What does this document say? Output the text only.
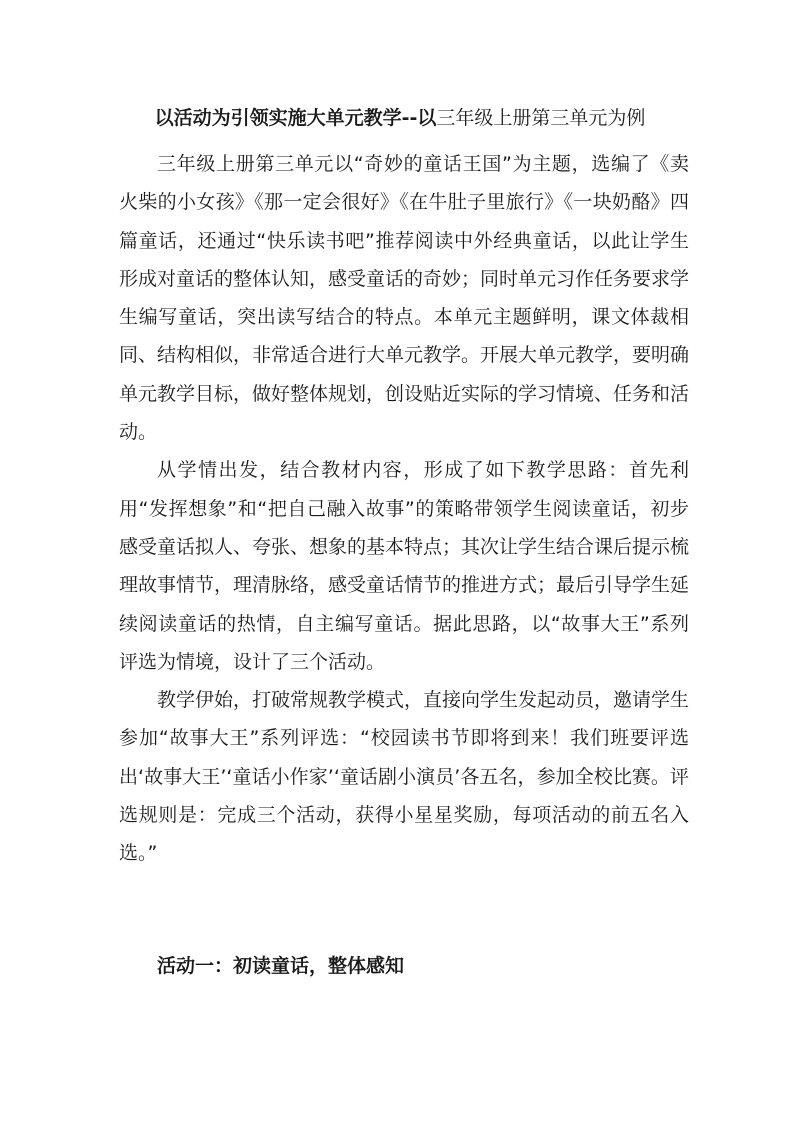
以活动为引领实施大单元教学--以三年级上册第三单元为例

三年级上册第三单元以“奇妙的童话王国”为主题，选编了《卖火柴的小女孩》《那一定会很好》《在牛肚子里旅行》《一块奶酪》四篇童话，还通过“快乐读书吧”推荐阅读中外经典童话，以此让学生形成对童话的整体认知，感受童话的奇妙；同时单元习作任务要求学生编写童话，突出读写结合的特点。本单元主题鲜明，课文体裁相同、结构相似，非常适合进行大单元教学。开展大单元教学，要明确单元教学目标，做好整体规划，创设贴近实际的学习情境、任务和活动。

从学情出发，结合教材内容，形成了如下教学思路：首先利用“发挥想象”和“把自己融入故事”的策略带领学生阅读童话，初步感受童话拟人、夸张、想象的基本特点；其次让学生结合课后提示梳理故事情节，理清脉络，感受童话情节的推进方式；最后引导学生延续阅读童话的热情，自主编写童话。据此思路，以“故事大王”系列评选为情境，设计了三个活动。

教学伊始，打破常规教学模式，直接向学生发起动员，邀请学生参加“故事大王”系列评选：“校园读书节即将到来！我们班要评选出‘故事大王’‘童话小作家’‘童话剧小演员’各五名，参加全校比赛。评选规则是：完成三个活动，获得小星星奖励，每项活动的前五名入选。”

活动一：初读童话，整体感知
